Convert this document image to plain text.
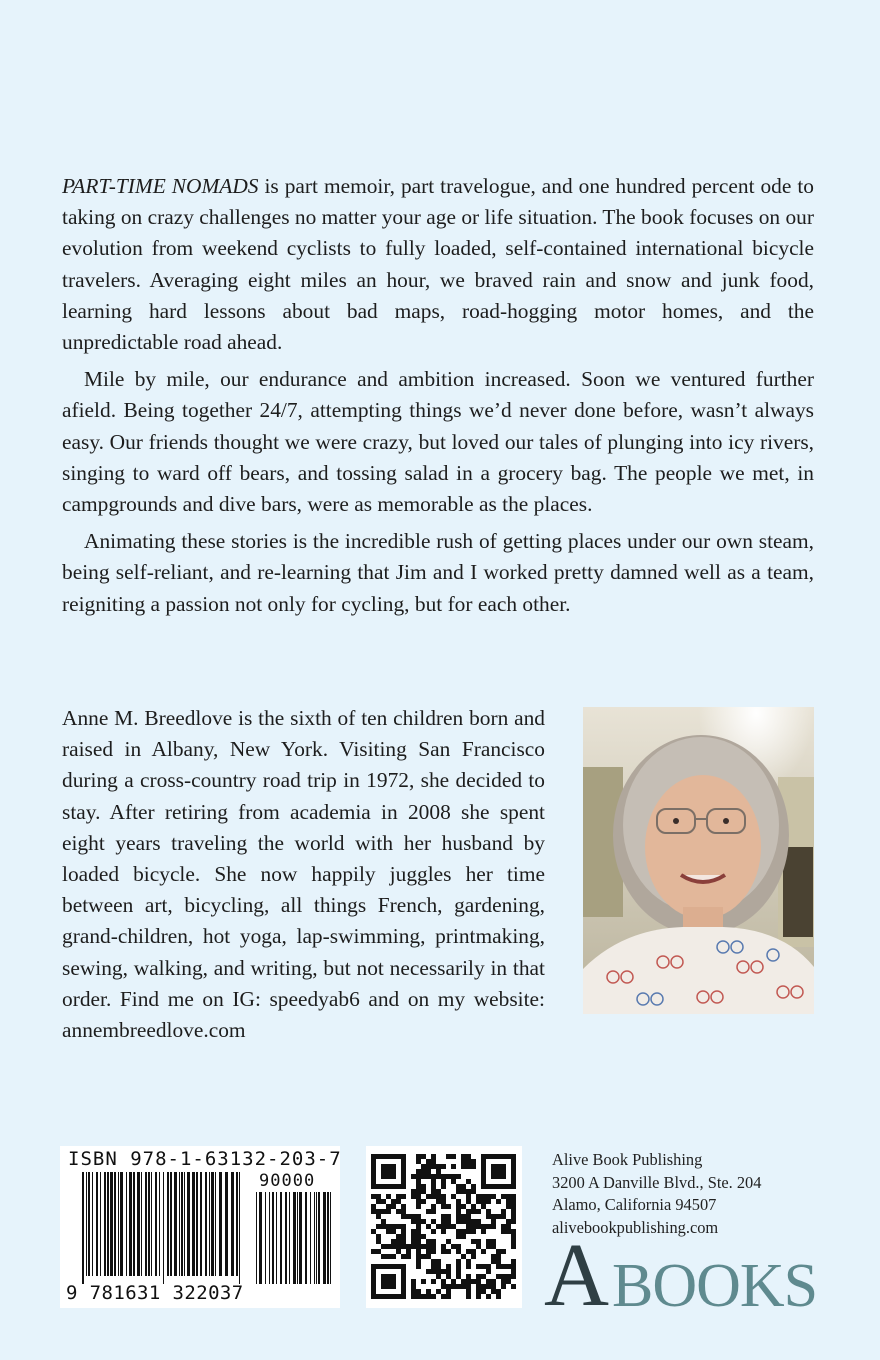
PART-TIME NOMADS is part memoir, part travelogue, and one hundred percent ode to taking on crazy challenges no matter your age or life situation. The book focuses on our evolution from weekend cyclists to fully loaded, self-contained international bicycle travelers. Averaging eight miles an hour, we braved rain and snow and junk food, learning hard lessons about bad maps, road-hogging motor homes, and the unpredictable road ahead.

Mile by mile, our endurance and ambition increased. Soon we ventured further afield. Being together 24/7, attempting things we’d never done before, wasn’t always easy. Our friends thought we were crazy, but loved our tales of plunging into icy rivers, singing to ward off bears, and tossing salad in a grocery bag. The people we met, in campgrounds and dive bars, were as memorable as the places.

Animating these stories is the incredible rush of getting places under our own steam, being self-reliant, and re-learning that Jim and I worked pretty damned well as a team, reigniting a passion not only for cycling, but for each other.

Anne M. Breedlove is the sixth of ten children born and raised in Albany, New York. Visiting San Francisco during a cross-country road trip in 1972, she decided to stay. After retiring from academia in 2008 she spent eight years traveling the world with her husband by loaded bicycle. She now happily juggles her time between art, bicycling, all things French, gardening, grand-children, hot yoga, lap-swimming, printmaking, sewing, walking, and writing, but not necessarily in that order. Find me on IG: speedyab6 and on my website: annembreedlove.com

ISBN 978-1-63132-203-7
90000
9 781631 322037
Alive Book Publishing
3200 A Danville Blvd., Ste. 204
Alamo, California 94507
alivebookpublishing.com
A BOOKS
